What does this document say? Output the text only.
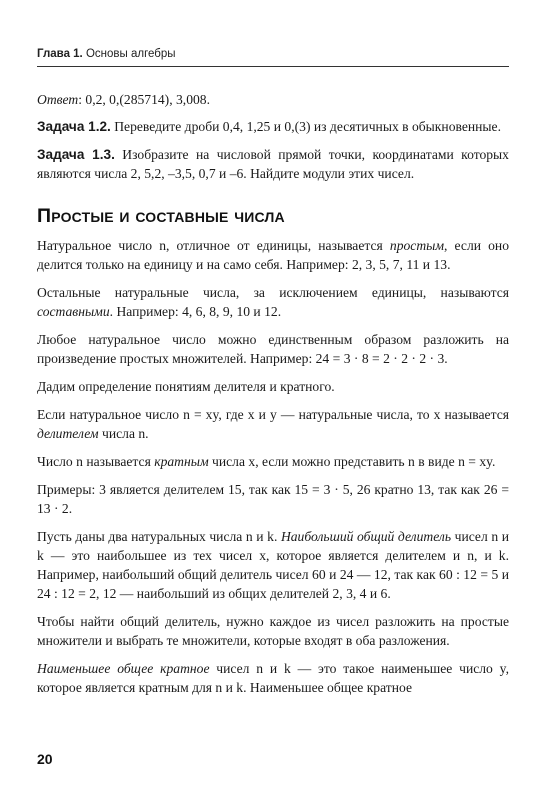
Глава 1. Основы алгебры

Ответ: 0,2, 0,(285714), 3,008.

Задача 1.2. Переведите дроби 0,4, 1,25 и 0,(3) из десятичных в обыкновенные.

Задача 1.3. Изобразите на числовой прямой точки, координатами которых являются числа 2, 5,2, –3,5, 0,7 и –6. Найдите модули этих чисел.

Простые и составные числа

Натуральное число n, отличное от единицы, называется простым, если оно делится только на единицу и на само себя. Например: 2, 3, 5, 7, 11 и 13.

Остальные натуральные числа, за исключением единицы, называются составными. Например: 4, 6, 8, 9, 10 и 12.

Любое натуральное число можно единственным образом разложить на произведение простых множителей. Например: 24 = 3 · 8 = 2 · 2 · 2 · 3.

Дадим определение понятиям делителя и кратного.

Если натуральное число n = xy, где x и y — натуральные числа, то x называется делителем числа n.

Число n называется кратным числа x, если можно представить n в виде n = xy.

Примеры: 3 является делителем 15, так как 15 = 3 · 5, 26 кратно 13, так как 26 = 13 · 2.

Пусть даны два натуральных числа n и k. Наибольший общий делитель чисел n и k — это наибольшее из тех чисел x, которое является делителем и n, и k. Например, наибольший общий делитель чисел 60 и 24 — 12, так как 60 : 12 = 5 и 24 : 12 = 2, 12 — наибольший из общих делителей 2, 3, 4 и 6.

Чтобы найти общий делитель, нужно каждое из чисел разложить на простые множители и выбрать те множители, которые входят в оба разложения.

Наименьшее общее кратное чисел n и k — это такое наименьшее число y, которое является кратным для n и k. Наименьшее общее кратное

20
